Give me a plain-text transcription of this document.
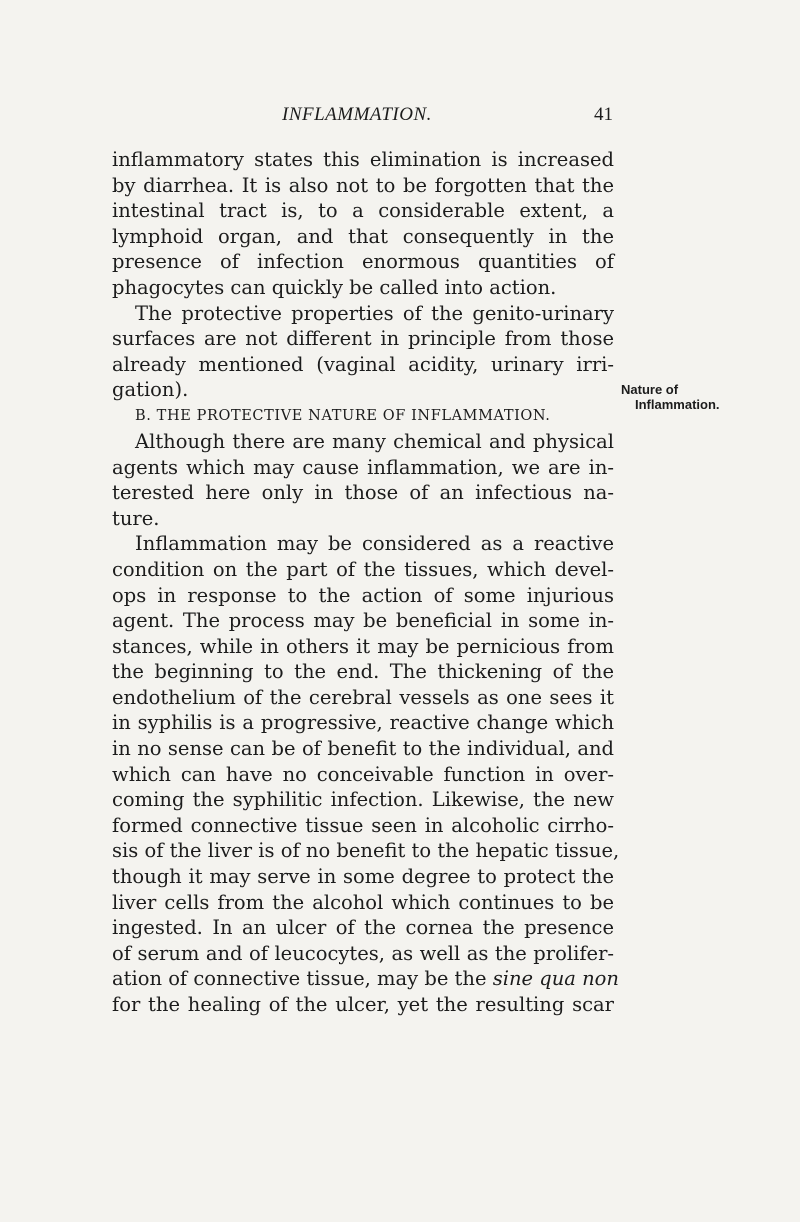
INFLAMMATION.	41
Nature of
Inflammation.
inflammatory states this elimination is increased
by diarrhea. It is also not to be forgotten that the
intestinal tract is, to a considerable extent, a
lymphoid organ, and that consequently in the
presence of infection enormous quantities of
phagocytes can quickly be called into action.
The protective properties of the genito-urinary
surfaces are not different in principle from those
already mentioned (vaginal acidity, urinary irri-
gation).
B. THE PROTECTIVE NATURE OF INFLAMMATION.
Although there are many chemical and physical
agents which may cause inflammation, we are in-
terested here only in those of an infectious na-
ture.
Inflammation may be considered as a reactive
condition on the part of the tissues, which devel-
ops in response to the action of some injurious
agent. The process may be beneficial in some in-
stances, while in others it may be pernicious from
the beginning to the end. The thickening of the
endothelium of the cerebral vessels as one sees it
in syphilis is a progressive, reactive change which
in no sense can be of benefit to the individual, and
which can have no conceivable function in over-
coming the syphilitic infection. Likewise, the new
formed connective tissue seen in alcoholic cirrho-
sis of the liver is of no benefit to the hepatic tissue,
though it may serve in some degree to protect the
liver cells from the alcohol which continues to be
ingested. In an ulcer of the cornea the presence
of serum and of leucocytes, as well as the prolifer-
ation of connective tissue, may be the sine qua non
for the healing of the ulcer, yet the resulting scar
